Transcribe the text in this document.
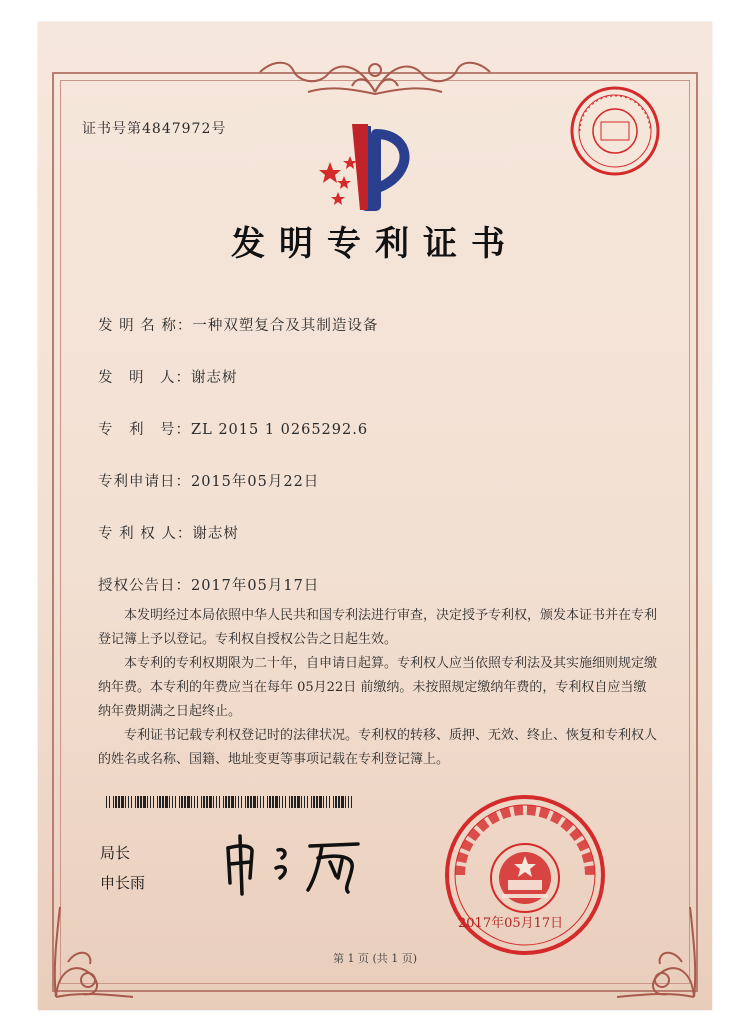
证书号第4847972号
发明专利证书
发 明 名 称：一种双塑复合及其制造设备
发　明　人：谢志树
专　利　号：ZL 2015 1 0265292.6
专利申请日：2015年05月22日
专 利 权 人：谢志树
授权公告日：2017年05月17日
本发明经过本局依照中华人民共和国专利法进行审查，决定授予专利权，颁发本证书并在专利登记簿上予以登记。专利权自授权公告之日起生效。
本专利的专利权期限为二十年，自申请日起算。专利权人应当依照专利法及其实施细则规定缴纳年费。本专利的年费应当在每年 05月22日 前缴纳。未按照规定缴纳年费的，专利权自应当缴纳年费期满之日起终止。
专利证书记载专利权登记时的法律状况。专利权的转移、质押、无效、终止、恢复和专利权人的姓名或名称、国籍、地址变更等事项记载在专利登记簿上。
局长
申长雨
2017年05月17日
第 1 页 (共 1 页)
